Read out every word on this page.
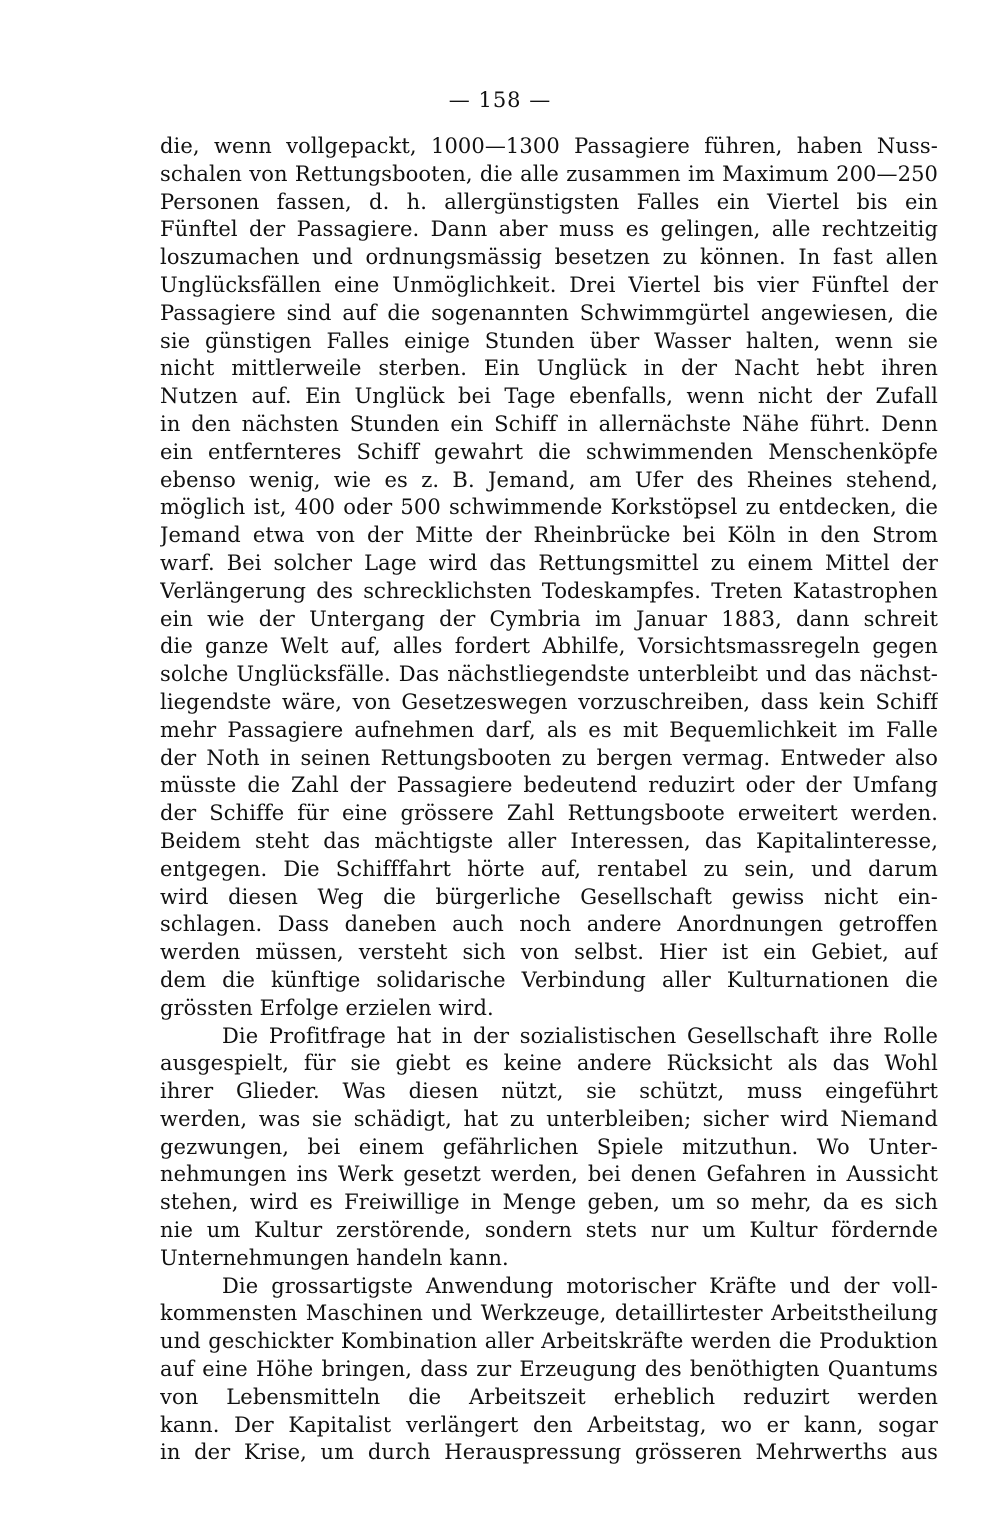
— 158 —
die, wenn vollgepackt, 1000—1300 Passagiere führen, haben Nuss-
schalen von Rettungsbooten, die alle zusammen im Maximum 200—250
Personen fassen, d. h. allergünstigsten Falles ein Viertel bis ein
Fünftel der Passagiere. Dann aber muss es gelingen, alle rechtzeitig
loszumachen und ordnungsmässig besetzen zu können. In fast allen
Unglücksfällen eine Unmöglichkeit. Drei Viertel bis vier Fünftel der
Passagiere sind auf die sogenannten Schwimmgürtel angewiesen, die
sie günstigen Falles einige Stunden über Wasser halten, wenn sie
nicht mittlerweile sterben. Ein Unglück in der Nacht hebt ihren
Nutzen auf. Ein Unglück bei Tage ebenfalls, wenn nicht der Zufall
in den nächsten Stunden ein Schiff in allernächste Nähe führt. Denn
ein entfernteres Schiff gewahrt die schwimmenden Menschenköpfe
ebenso wenig, wie es z. B. Jemand, am Ufer des Rheines stehend,
möglich ist, 400 oder 500 schwimmende Korkstöpsel zu entdecken, die
Jemand etwa von der Mitte der Rheinbrücke bei Köln in den Strom
warf. Bei solcher Lage wird das Rettungsmittel zu einem Mittel der
Verlängerung des schrecklichsten Todeskampfes. Treten Katastrophen
ein wie der Untergang der Cymbria im Januar 1883, dann schreit
die ganze Welt auf, alles fordert Abhilfe, Vorsichtsmassregeln gegen
solche Unglücksfälle. Das nächstliegendste unterbleibt und das nächst-
liegendste wäre, von Gesetzeswegen vorzuschreiben, dass kein Schiff
mehr Passagiere aufnehmen darf, als es mit Bequemlichkeit im Falle
der Noth in seinen Rettungsbooten zu bergen vermag. Entweder also
müsste die Zahl der Passagiere bedeutend reduzirt oder der Umfang
der Schiffe für eine grössere Zahl Rettungsboote erweitert werden.
Beidem steht das mächtigste aller Interessen, das Kapitalinteresse,
entgegen. Die Schifffahrt hörte auf, rentabel zu sein, und darum
wird diesen Weg die bürgerliche Gesellschaft gewiss nicht ein-
schlagen. Dass daneben auch noch andere Anordnungen getroffen
werden müssen, versteht sich von selbst. Hier ist ein Gebiet, auf
dem die künftige solidarische Verbindung aller Kulturnationen die
grössten Erfolge erzielen wird.
Die Profitfrage hat in der sozialistischen Gesellschaft ihre Rolle
ausgespielt, für sie giebt es keine andere Rücksicht als das Wohl
ihrer Glieder. Was diesen nützt, sie schützt, muss eingeführt
werden, was sie schädigt, hat zu unterbleiben; sicher wird Niemand
gezwungen, bei einem gefährlichen Spiele mitzuthun. Wo Unter-
nehmungen ins Werk gesetzt werden, bei denen Gefahren in Aussicht
stehen, wird es Freiwillige in Menge geben, um so mehr, da es sich
nie um Kultur zerstörende, sondern stets nur um Kultur fördernde
Unternehmungen handeln kann.
Die grossartigste Anwendung motorischer Kräfte und der voll-
kommensten Maschinen und Werkzeuge, detaillirtester Arbeitstheilung
und geschickter Kombination aller Arbeitskräfte werden die Produktion
auf eine Höhe bringen, dass zur Erzeugung des benöthigten Quantums
von Lebensmitteln die Arbeitszeit erheblich reduzirt werden
kann. Der Kapitalist verlängert den Arbeitstag, wo er kann, sogar
in der Krise, um durch Herauspressung grösseren Mehrwerths aus
